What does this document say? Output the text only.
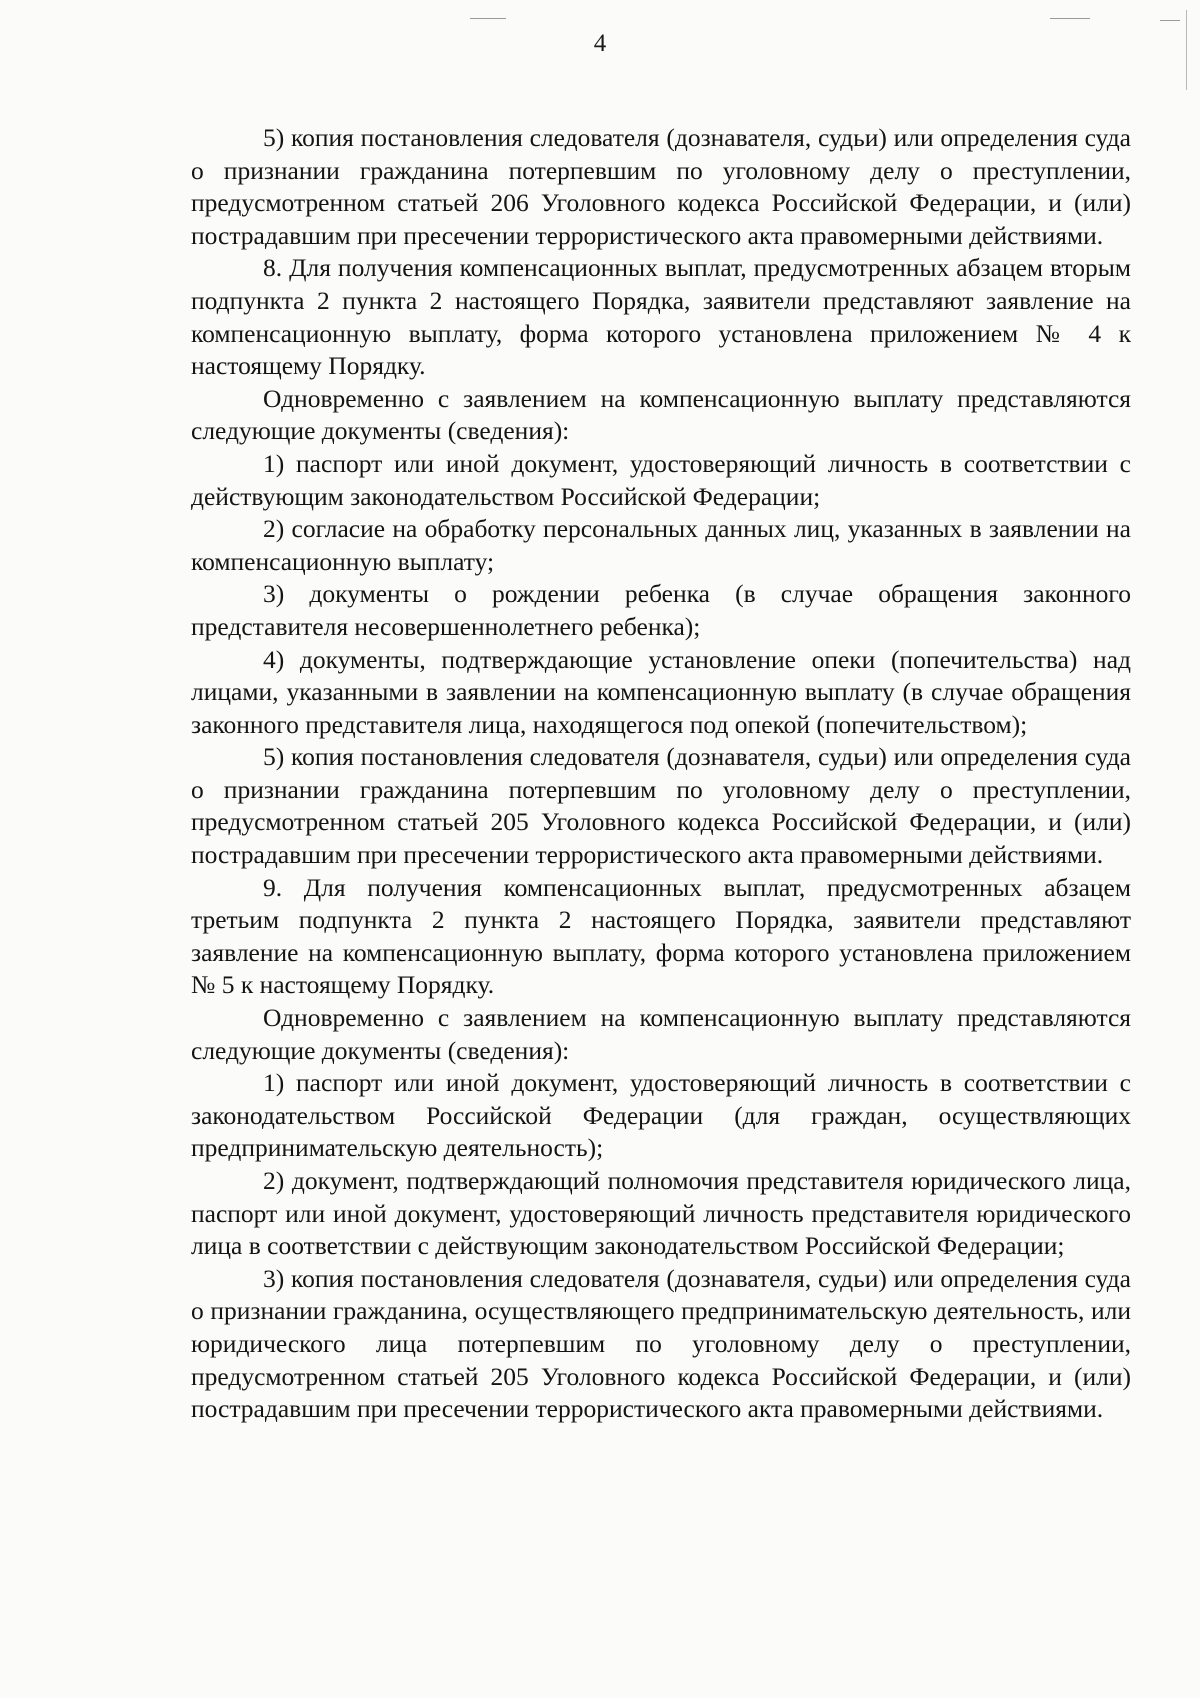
4

5) копия постановления следователя (дознавателя, судьи) или определения суда о признании гражданина потерпевшим по уголовному делу о преступлении, предусмотренном статьей 206 Уголовного кодекса Российской Федерации, и (или) пострадавшим при пресечении террористического акта правомерными действиями.

8. Для получения компенсационных выплат, предусмотренных абзацем вторым подпункта 2 пункта 2 настоящего Порядка, заявители представляют заявление на компенсационную выплату, форма которого установлена приложением № 4 к настоящему Порядку.

Одновременно с заявлением на компенсационную выплату представляются следующие документы (сведения):

1) паспорт или иной документ, удостоверяющий личность в соответствии с действующим законодательством Российской Федерации;

2) согласие на обработку персональных данных лиц, указанных в заявлении на компенсационную выплату;

3) документы о рождении ребенка (в случае обращения законного представителя несовершеннолетнего ребенка);

4) документы, подтверждающие установление опеки (попечительства) над лицами, указанными в заявлении на компенсационную выплату (в случае обращения законного представителя лица, находящегося под опекой (попечительством);

5) копия постановления следователя (дознавателя, судьи) или определения суда о признании гражданина потерпевшим по уголовному делу о преступлении, предусмотренном статьей 205 Уголовного кодекса Российской Федерации, и (или) пострадавшим при пресечении террористического акта правомерными действиями.

9. Для получения компенсационных выплат, предусмотренных абзацем третьим подпункта 2 пункта 2 настоящего Порядка, заявители представляют заявление на компенсационную выплату, форма которого установлена приложением № 5 к настоящему Порядку.

Одновременно с заявлением на компенсационную выплату представляются следующие документы (сведения):

1) паспорт или иной документ, удостоверяющий личность в соответствии с законодательством Российской Федерации (для граждан, осуществляющих предпринимательскую деятельность);

2) документ, подтверждающий полномочия представителя юридического лица, паспорт или иной документ, удостоверяющий личность представителя юридического лица в соответствии с действующим законодательством Российской Федерации;

3) копия постановления следователя (дознавателя, судьи) или определения суда о признании гражданина, осуществляющего предпринимательскую деятельность, или юридического лица потерпевшим по уголовному делу о преступлении, предусмотренном статьей 205 Уголовного кодекса Российской Федерации, и (или) пострадавшим при пресечении террористического акта правомерными действиями.
